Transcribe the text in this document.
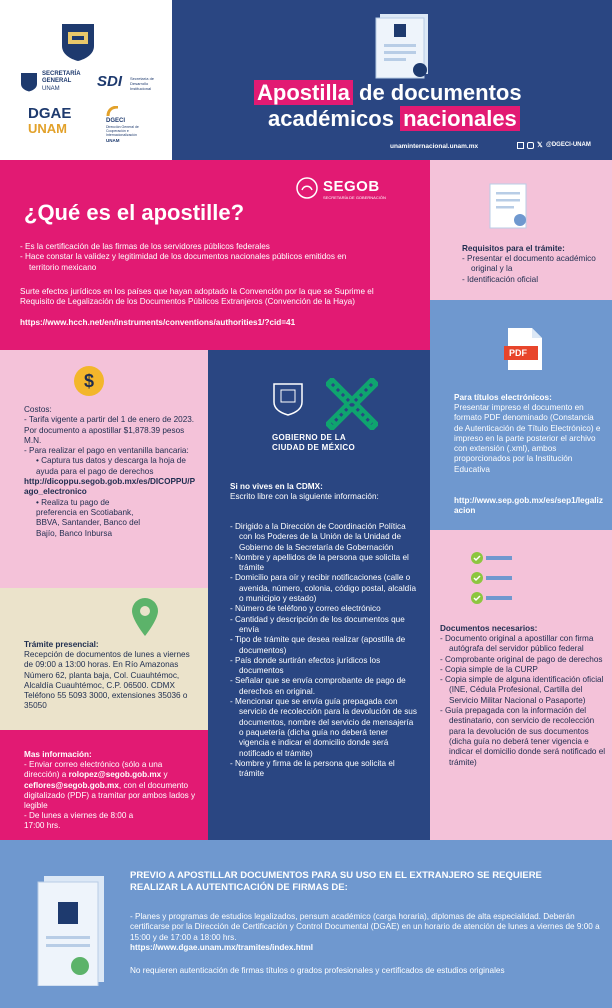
SECRETARÍA GENERAL
UNAM SDI Secretaría de Desarrollo Institucional
DGAE
UNAM	DGECI
Dirección General de Cooperación e Internacionalización
UNAM
Apostilla de documentos
académicos nacionales
unaminternacional.unam.mx	𝕏 @DGECI-UNAM
SEGOB
SECRETARÍA DE GOBERNACIÓN
¿Qué es el apostille?
- Es la certificación de las firmas de los servidores públicos federales
- Hace constar la validez y legitimidad de los documentos nacionales públicos emitidos en territorio mexicano
Surte efectos jurídicos en los países que hayan adoptado la Convención por la que se Suprime el Requisito de Legalización de los Documentos Públicos Extranjeros (Convención de la Haya)
https://www.hcch.net/en/instruments/conventions/authorities1/?cid=41
Requisitos para el trámite:
- Presentar el documento académico original y la
- Identificación oficial
PDF
Para títulos electrónicos:
Presentar impreso el documento en formato PDF denominado (Constancia de Autenticación de Título Electrónico) e impreso en la parte posterior el archivo con extensión (.xml), ambos proporcionados por la Institución Educativa
http://www.sep.gob.mx/es/sep1/legalizacion
$
Costos:
- Tarifa vigente a partir del 1 de enero de 2023. Por documento a apostillar $1,878.39 pesos M.N.
- Para realizar el pago en ventanilla bancaria:
• Captura tus datos y descarga la hoja de ayuda para el pago de derechos
http://dicoppu.segob.gob.mx/es/DICOPPU/Pago_electronico
• Realiza tu pago de preferencia en Scotiabank, BBVA, Santander, Banco del Bajío, Banco Inbursa
GOBIERNO DE LA
CIUDAD DE MÉXICO
Si no vives en la CDMX:
Escrito libre con la siguiente información:
- Dirigido a la Dirección de Coordinación Política con los Poderes de la Unión de la Unidad de Gobierno de la Secretaría de Gobernación
- Nombre y apellidos de la persona que solicita el trámite
- Domicilio para oír y recibir notificaciones (calle o avenida, número, colonia, código postal, alcaldía o municipio y estado)
- Número de teléfono y correo electrónico
- Cantidad y descripción de los documentos que envía
- Tipo de trámite que desea realizar (apostilla de documentos)
- País donde surtirán efectos jurídicos los documentos
- Señalar que se envía comprobante de pago de derechos en original.
- Mencionar que se envía guía prepagada con servicio de recolección para la devolución de sus documentos, nombre del servicio de mensajería o paquetería (dicha guía no deberá tener vigencia e indicar el domicilio donde será notificado el trámite)
- Nombre y firma de la persona que solicita el trámite
Trámite presencial:
Recepción de documentos de lunes a viernes de 09:00 a 13:00 horas. En Río Amazonas Número 62, planta baja, Col. Cuauhtémoc, Alcaldía Cuauhtémoc, C.P. 06500. CDMX Teléfono 55 5093 3000, extensiones 35036 o 35050
Mas información:
- Enviar correo electrónico (sólo a una dirección) a rolopez@segob.gob.mx y ceflores@segob.gob.mx, con el documento digitalizado (PDF) a tramitar por ambos lados y legible
- De lunes a viernes de 8:00 a 17:00 hrs.
Documentos necesarios:
- Documento original a apostillar con firma autógrafa del servidor público federal
- Comprobante original de pago de derechos
- Copia simple de la CURP
- Copia simple de alguna identificación oficial (INE, Cédula Profesional, Cartilla del Servicio Militar Nacional o Pasaporte)
- Guía prepagada con la información del destinatario, con servicio de recolección para la devolución de sus documentos (dicha guía no deberá tener vigencia e indicar el domicilio donde será notificado el trámite)
PREVIO A APOSTILLAR DOCUMENTOS PARA SU USO EN EL EXTRANJERO SE REQUIERE REALIZAR LA AUTENTICACIÓN DE FIRMAS DE:
- Planes y programas de estudios legalizados, pensum académico (carga horaria), diplomas de alta especialidad. Deberán certificarse por la Dirección de Certificación y Control Documental (DGAE) en un horario de atención de lunes a viernes de 9:00 a 15:00 y de 17:00 a 18:00 hrs.
https://www.dgae.unam.mx/tramites/index.html
No requieren autenticación de firmas títulos o grados profesionales y certificados de estudios originales
